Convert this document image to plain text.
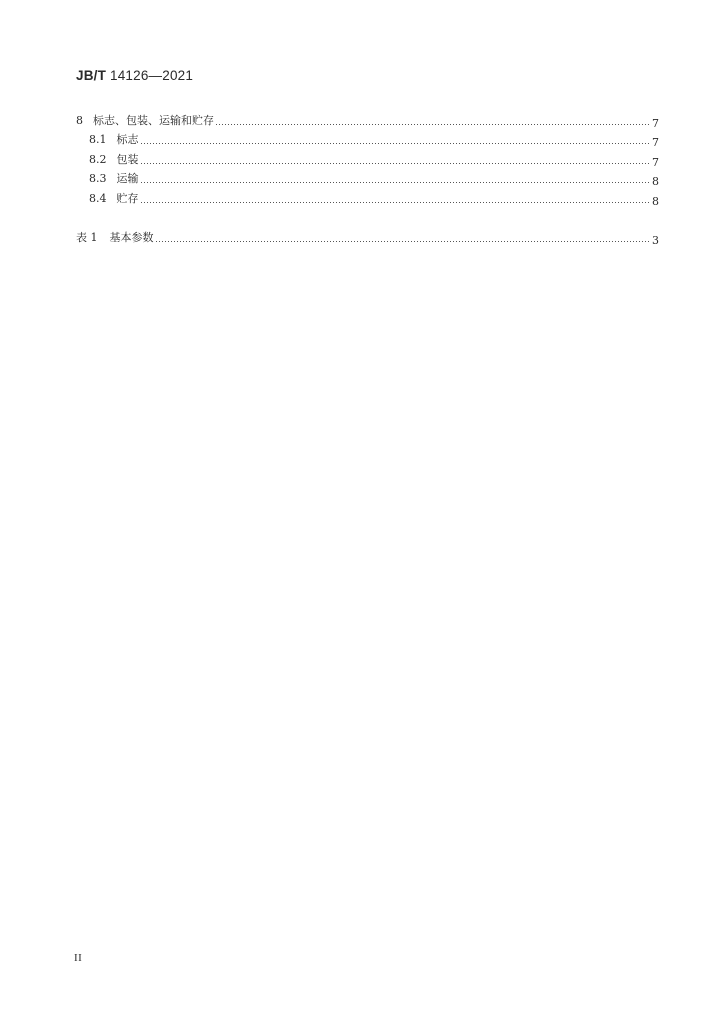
JB/T 14126—2021
8 标志、包装、运输和贮存	7
8.1 标志	7
8.2 包装	7
8.3 运输	8
8.4 贮存	8
表 1	基本参数	3
II
